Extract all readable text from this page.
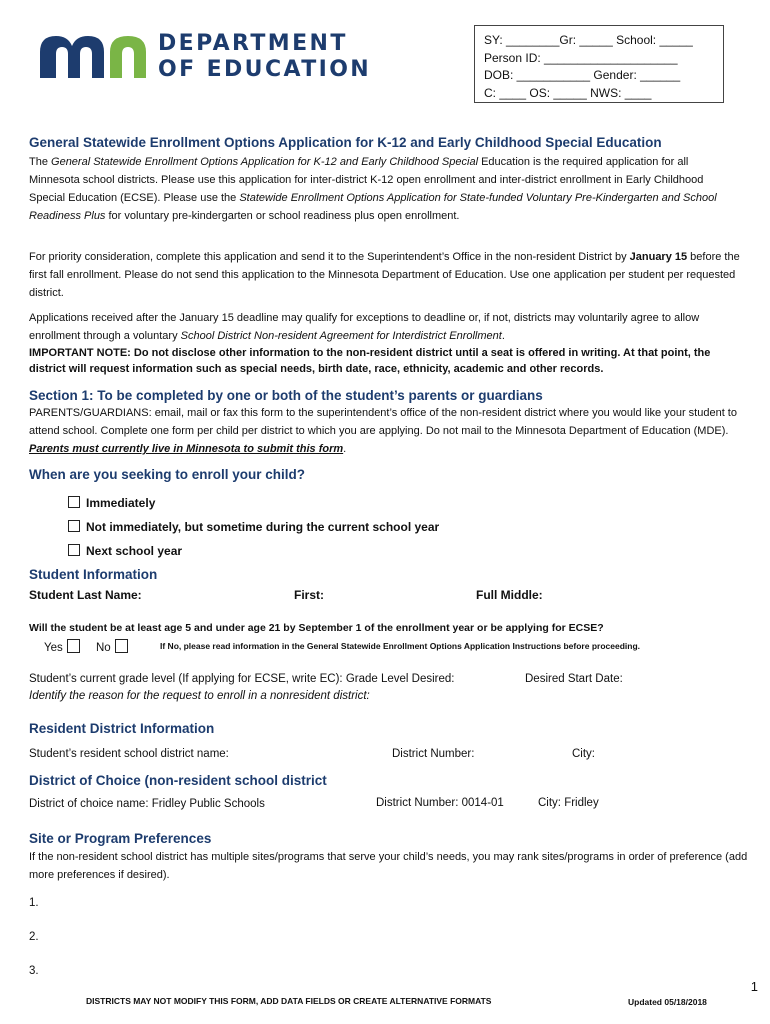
DEPARTMENT
OF EDUCATION
SY: ________Gr: _____ School: _____
Person ID: ____________________
DOB: ___________ Gender: ______
C: ____ OS: _____ NWS: ____
General Statewide Enrollment Options Application for K-12 and Early Childhood Special Education
The General Statewide Enrollment Options Application for K-12 and Early Childhood Special Education is the required application for all Minnesota school districts. Please use this application for inter-district K-12 open enrollment and inter-district enrollment in Early Childhood Special Education (ECSE). Please use the Statewide Enrollment Options Application for State-funded Voluntary Pre-Kindergarten and School Readiness Plus for voluntary pre-kindergarten or school readiness plus open enrollment.
For priority consideration, complete this application and send it to the Superintendent’s Office in the non-resident District by January 15 before the first fall enrollment. Please do not send this application to the Minnesota Department of Education. Use one application per student per requested district.
Applications received after the January 15 deadline may qualify for exceptions to deadline or, if not, districts may voluntarily agree to allow enrollment through a voluntary School District Non-resident Agreement for Interdistrict Enrollment.
IMPORTANT NOTE: Do not disclose other information to the non-resident district until a seat is offered in writing. At that point, the district will request information such as special needs, birth date, race, ethnicity, academic and other records.
Section 1: To be completed by one or both of the student’s parents or guardians
PARENTS/GUARDIANS: email, mail or fax this form to the superintendent’s office of the non-resident district where you would like your student to attend school. Complete one form per child per district to which you are applying. Do not mail to the Minnesota Department of Education (MDE). Parents must currently live in Minnesota to submit this form.
When are you seeking to enroll your child?
Immediately
Not immediately, but sometime during the current school year
Next school year
Student Information
Student Last Name:	First:	Full Middle:
Will the student be at least age 5 and under age 21 by September 1 of the enrollment year or be applying for ECSE?
Yes	No	If No, please read information in the General Statewide Enrollment Options Application Instructions before proceeding.
Student’s current grade level (If applying for ECSE, write EC): Grade Level Desired:	Desired Start Date:
Identify the reason for the request to enroll in a nonresident district:
Resident District Information
Student’s resident school district name:	District Number:	City:
District of Choice (non-resident school district
District of choice name: Fridley Public Schools	District Number: 0014-01	City: Fridley
Site or Program Preferences
If the non-resident school district has multiple sites/programs that serve your child’s needs, you may rank sites/programs in order of preference (add more preferences if desired).
1.
2.
3.
1
DISTRICTS MAY NOT MODIFY THIS FORM, ADD DATA FIELDS OR CREATE ALTERNATIVE FORMATS	Updated 05/18/2018
